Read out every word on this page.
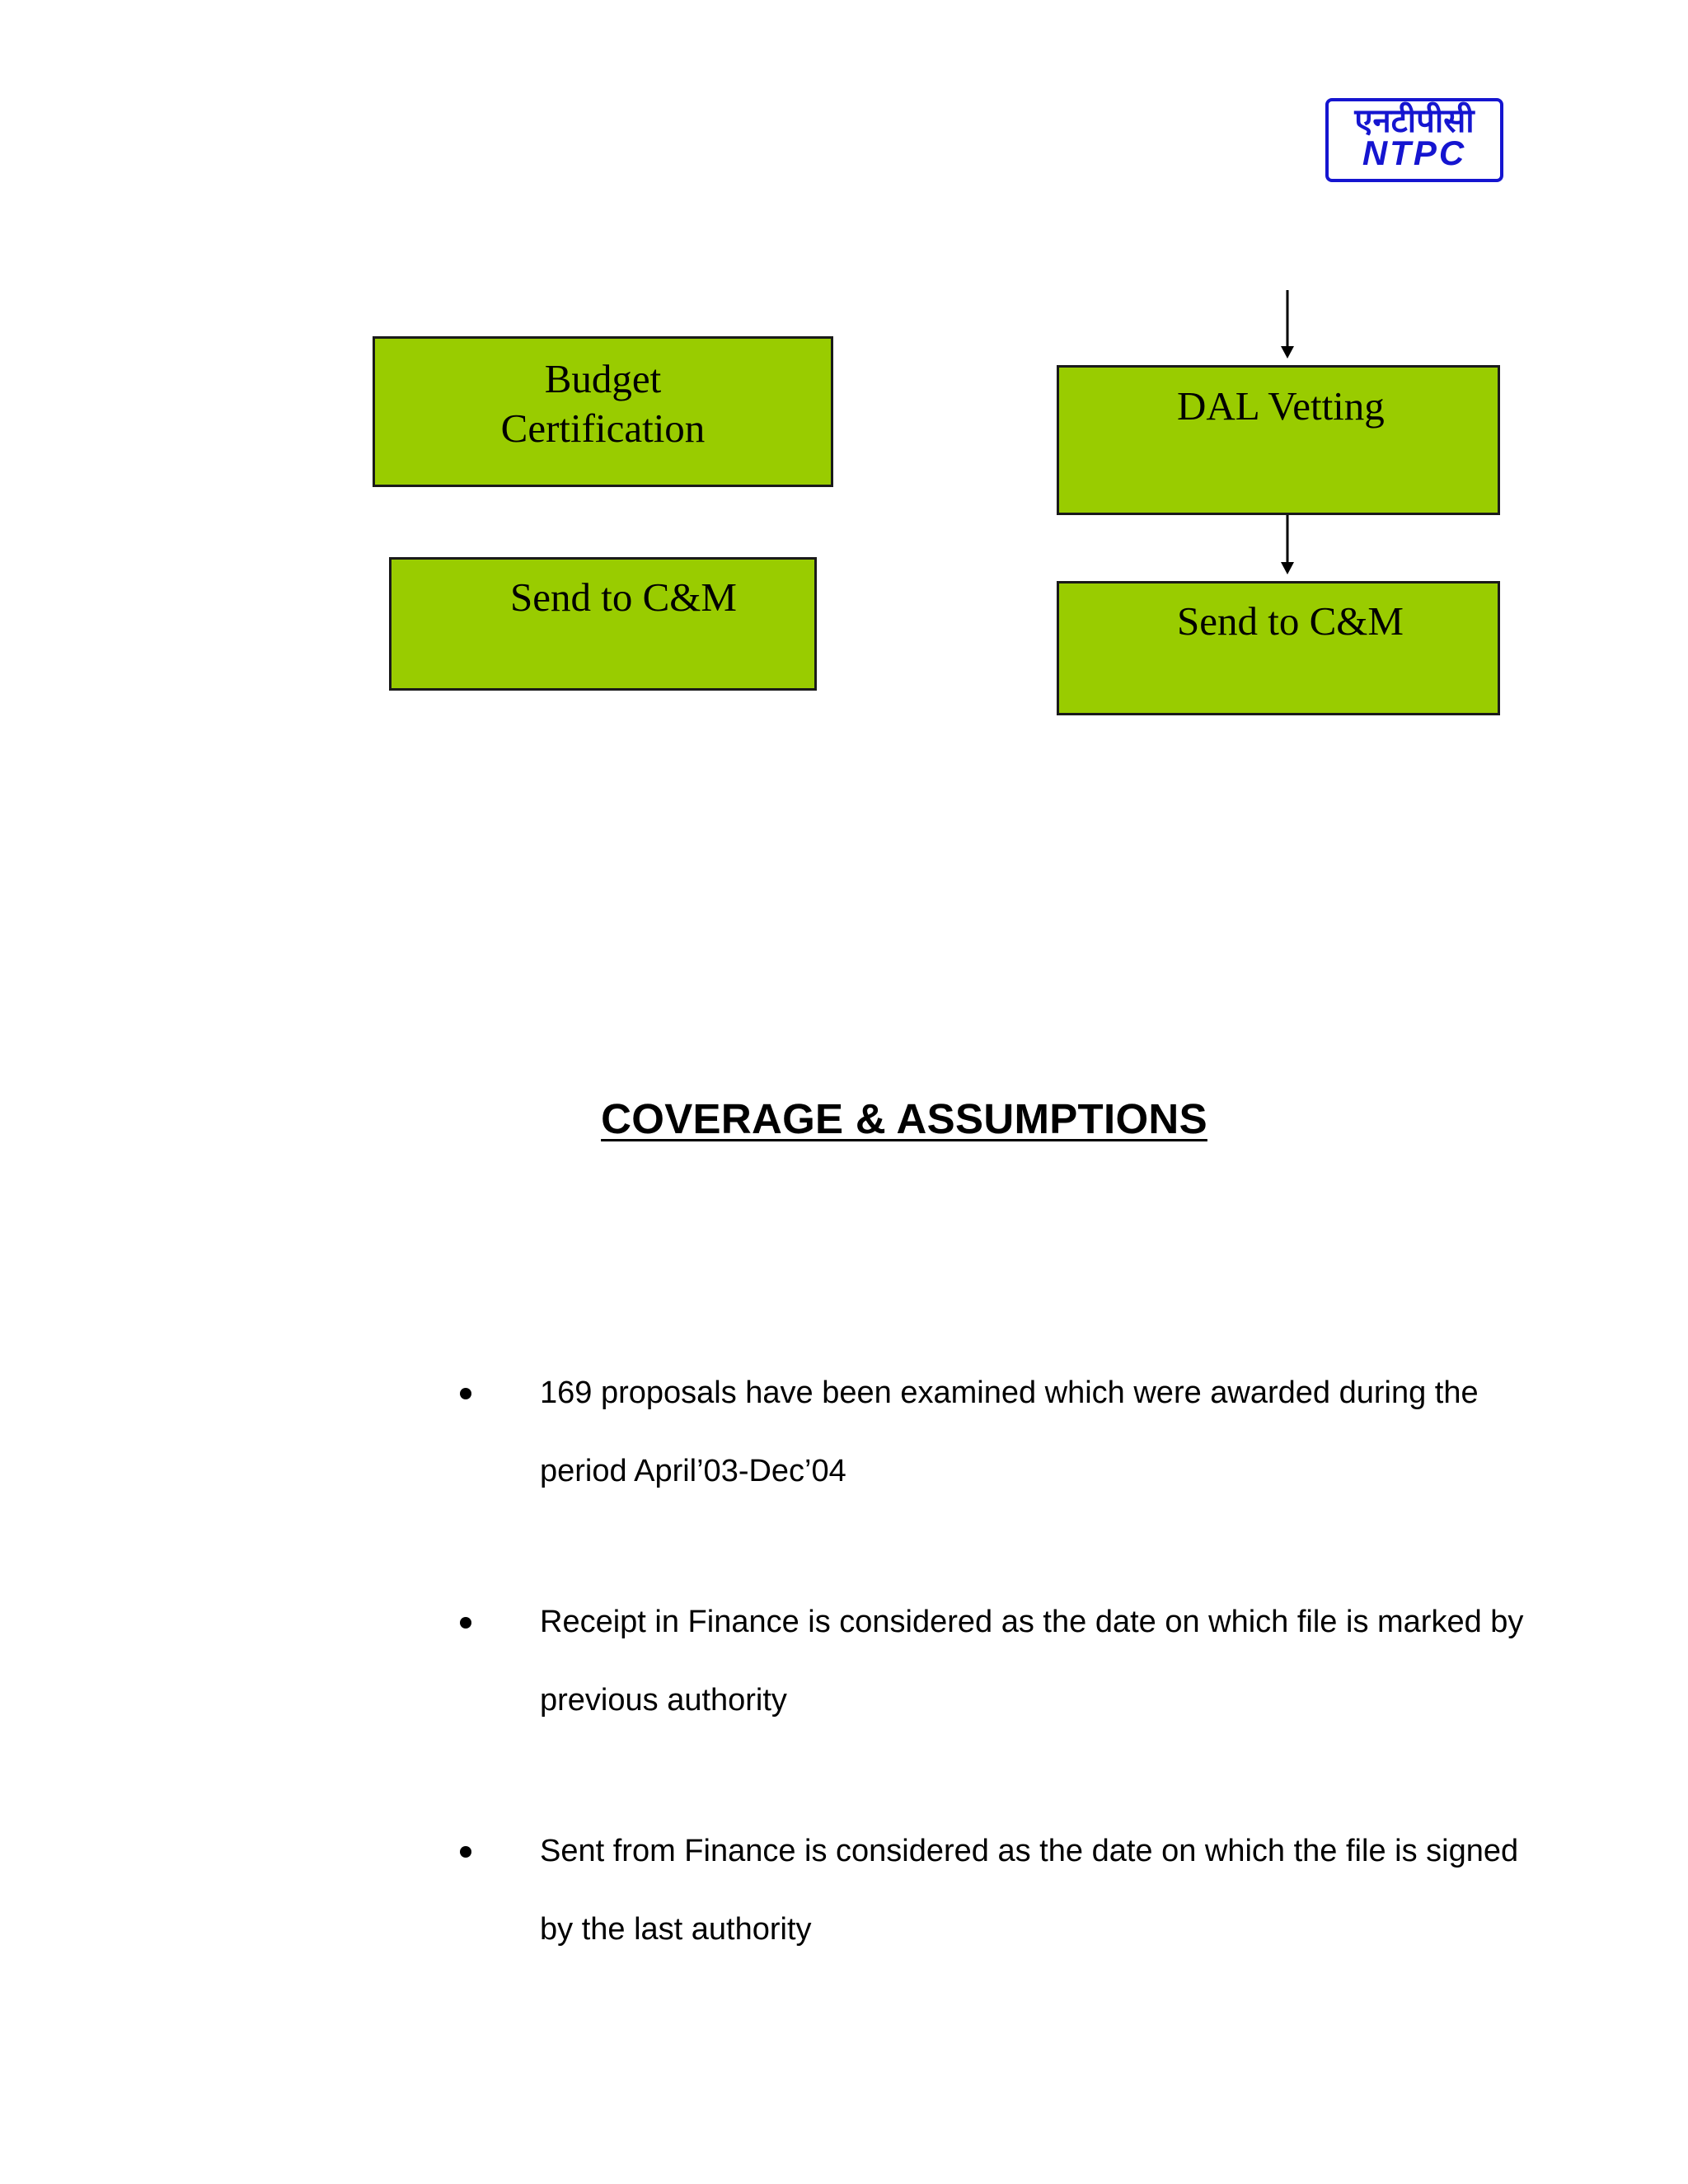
एनटीपीसी
NTPC
Budget Certification
Send to C&M
DAL Vetting
Send to C&M
COVERAGE & ASSUMPTIONS
169 proposals have been examined which were awarded during the period April’03-Dec’04
Receipt in Finance is considered as the date on which file is marked by previous authority
Sent from Finance is considered as the date on which the file is signed by the last authority
